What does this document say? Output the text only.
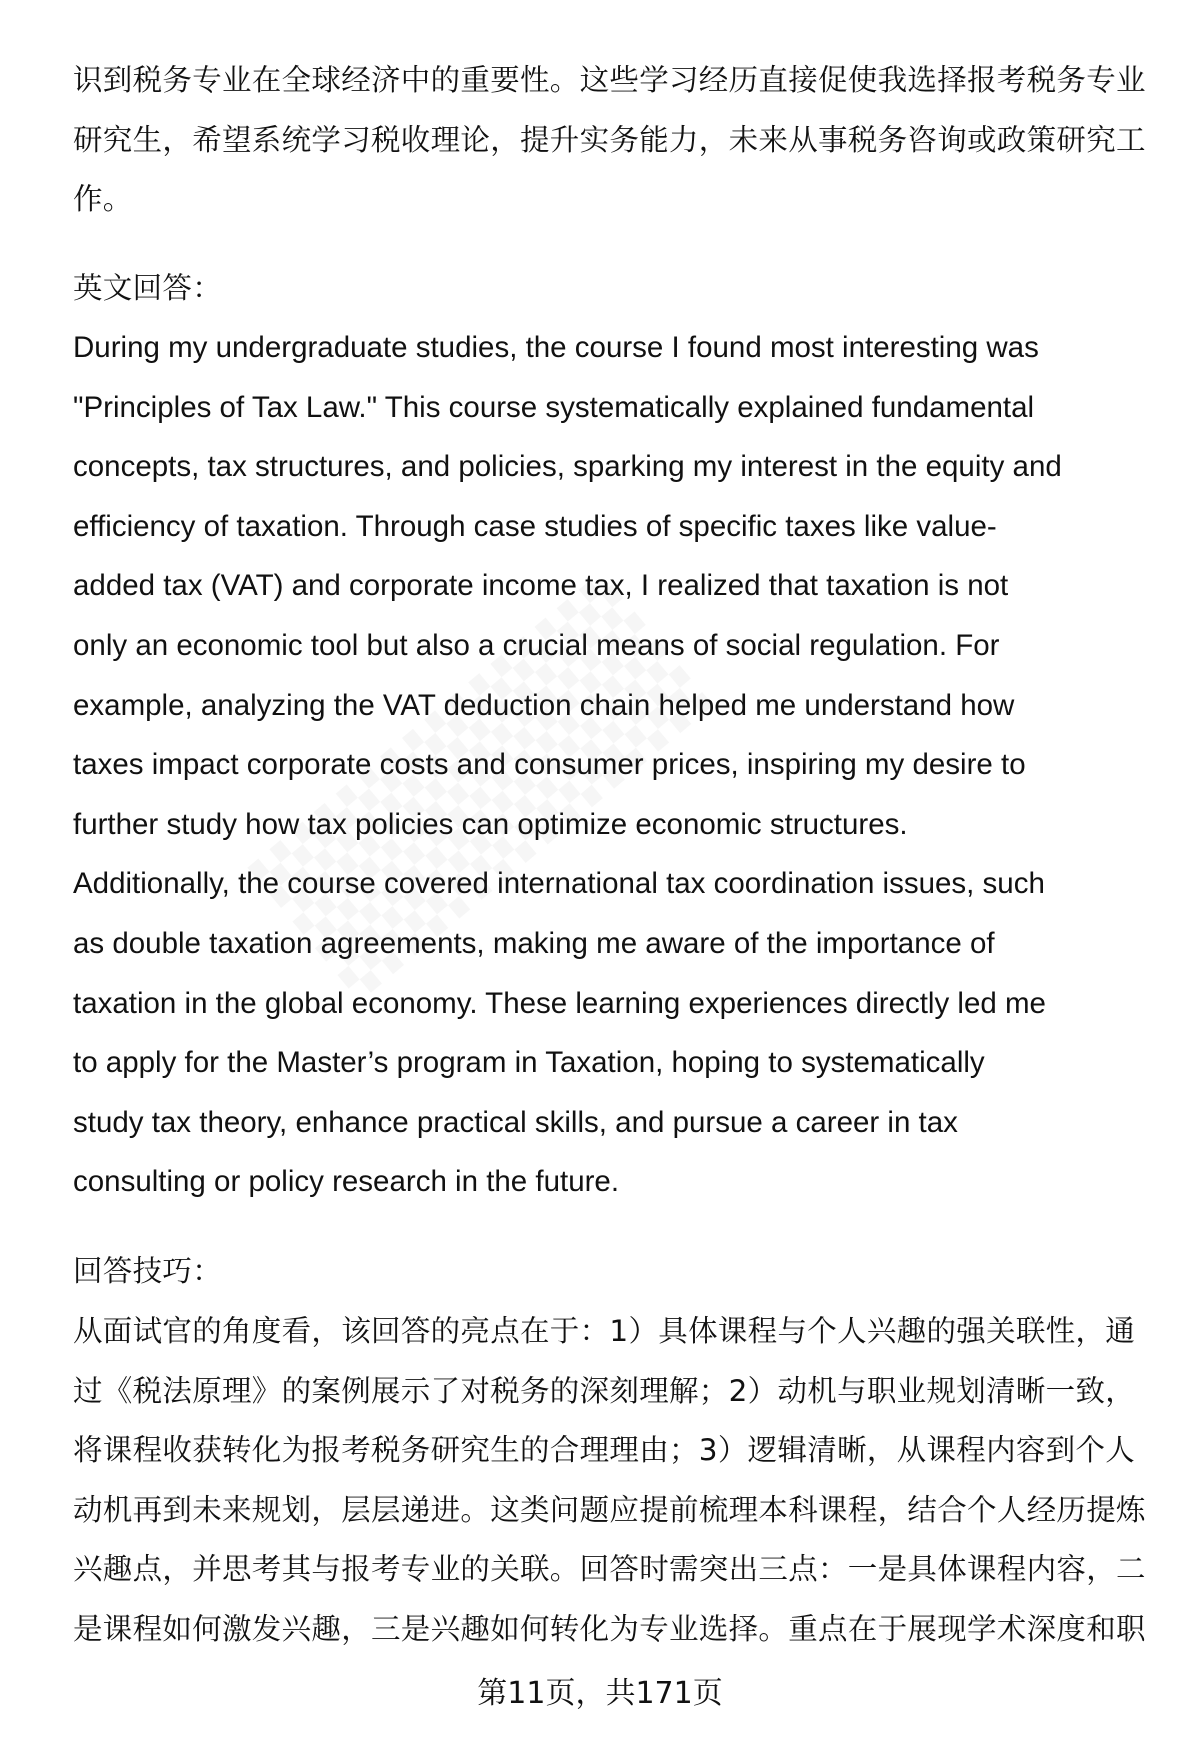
识到税务专业在全球经济中的重要性。这些学习经历直接促使我选择报考税务专业
研究生，希望系统学习税收理论，提升实务能力，未来从事税务咨询或政策研究工
作。
英文回答：
During my undergraduate studies, the course I found most interesting was
"Principles of Tax Law." This course systematically explained fundamental
concepts, tax structures, and policies, sparking my interest in the equity and
efficiency of taxation. Through case studies of specific taxes like value-
added tax (VAT) and corporate income tax, I realized that taxation is not
only an economic tool but also a crucial means of social regulation. For
example, analyzing the VAT deduction chain helped me understand how
taxes impact corporate costs and consumer prices, inspiring my desire to
further study how tax policies can optimize economic structures.
Additionally, the course covered international tax coordination issues, such
as double taxation agreements, making me aware of the importance of
taxation in the global economy. These learning experiences directly led me
to apply for the Master’s program in Taxation, hoping to systematically
study tax theory, enhance practical skills, and pursue a career in tax
consulting or policy research in the future.
回答技巧：
从面试官的角度看，该回答的亮点在于：1）具体课程与个人兴趣的强关联性，通
过《税法原理》的案例展示了对税务的深刻理解；2）动机与职业规划清晰一致，
将课程收获转化为报考税务研究生的合理理由；3）逻辑清晰，从课程内容到个人
动机再到未来规划，层层递进。这类问题应提前梳理本科课程，结合个人经历提炼
兴趣点，并思考其与报考专业的关联。回答时需突出三点：一是具体课程内容，二
是课程如何激发兴趣，三是兴趣如何转化为专业选择。重点在于展现学术深度和职
第11页，共171页
